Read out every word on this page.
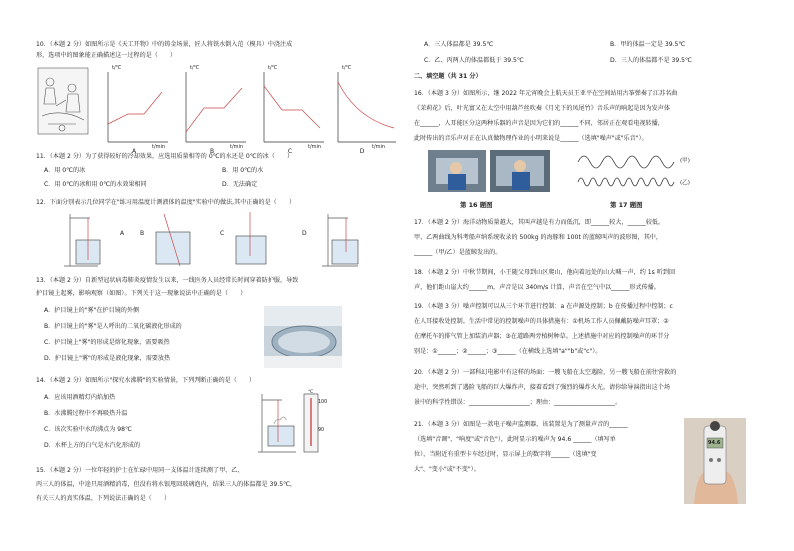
10．（本题 2 分）如图所示是《天工开物》中的铸金场景，匠人将铁水倒入范（模具）中浇注成
形，选项中的图象能正确描述这一过程的是（　　）
t/℃	t/℃	t/℃	t/℃
t/min	t/min	t/min	t/min
A	B	C	D
11．（本题 2 分）为了获得较好的冷却效果，应选用质量相等的 0℃的水还是 0℃的冰（　　）
A．用 0℃的冰	B．用 0℃的水
C．用 0℃的冰和用 0℃的水效果相同	D．无法确定
12．下面分别表示几位同学在"练习用温度计测液体的温度"实验中的做法,其中正确的是（　　）
A	B	C	D
13．（本题 2 分）自新型冠状病毒肺炎疫情发生以来，一线医务人员经常长时间穿着防护服，导致
护目镜上起雾，影响观察（如图）。下列关于这一现象说法中正确的是（　　）
A．护目镜上的"雾"在护目镜的外侧
B．护目镜上的"雾"是人呼出的二氧化碳液化形成的
C．护目镜上"雾"的形成是熔化现象，需要吸热
D．护目镜上"雾"的形成是液化现象，需要放热
14．（本题 2 分）如图所示"探究水沸腾"的实验情景，下列判断正确的是（　　）
A．应该用酒精灯内焰加热
B．水沸腾过程中不再吸热升温
C．该次实验中水的沸点为 98℃
D．水杯上方的白气是水汽化形成的
℃
100
90
15．（本题 2 分）一位年轻的护士在忙碌中用同一支体温计连续测了甲、乙、
丙三人的体温，中途只用酒精消毒，但没有将水银甩回玻璃泡内，结果三人的体温都是 39.5℃，
有关三人的真实体温，下列说法正确的是（　　）
A．三人体温都是 39.5℃	B．甲的体温一定是 39.5℃
C．乙、丙两人的体温都低于 39.5℃	D．三人的体温都不是 39.5℃
二、填空题（共 31 分）
16．（本题 3 分）如图所示，继 2022 年元宵晚会上航天员王亚平在空间站用古筝弹奏了江苏名曲
《茉莉花》后，叶光富又在太空中用葫芦丝吹奏《月光下的凤尾竹》音乐声的响起是因为发声体
在______，人耳能区分这两种乐器的声音是因为它们的______不同，邻居正在观看电视转播，
此时传出的音乐声对正在认真做物理作业的小明来说是______（选填"噪声"或"乐音"）。
(甲)
(乙)
第 16 题图	第 17 题图
17．（本题 2 分）海洋动物质量越大，其叫声越是有力而低沉，即______较大，______较低。
甲、乙两曲线为科考船声纳系统收录的 500kg 的海豚和 100t 的蓝鲸叫声的波形图，其中，
______（甲/乙）是蓝鲸发出的。
18．（本题 2 分）中秋节期间，小王随父母到山区爬山，他向着远处的山大喊一声，约 1s 听到回
声，他们距山崖大约______m，声音是以 340m/s 计算，声音在空气中以______形式传播。
19．（本题 3 分）噪声控制可以从三个环节进行控制：a 在声源处控制；b 在传播过程中控制；c
在人耳接收处控制。生活中常见的控制噪声的具体措施有：①机场工作人员佩戴防噪声耳罩；②
在摩托车的排气管上加装消声器；③在道路两旁植树种草。上述措施中对应的控制噪声的环节分
别是：①______；②______；③______（在横线上选填"a""b"或"c"）。
20．（本题 2 分）一部科幻电影中有这样的场面：一艘飞船在太空遇险，另一艘飞船在前往营救的
途中，突然听到了遇险飞船的巨大爆炸声，接着看到了强烈的爆炸火光。请你给导演指出这个场
景中的科学性错误：____________________；理由：____________________。
21．（本题 3 分）如图是一款电子噪声监测器，该装置是为了测量声音的______
（选填"音调"、"响度"或"音色"），此时显示的噪声为 94.6 ______（填写单
位），当附近有重型卡车经过时，显示屏上的数字将______（选填"变
大"、"变小"或"不变"）。
94.6
